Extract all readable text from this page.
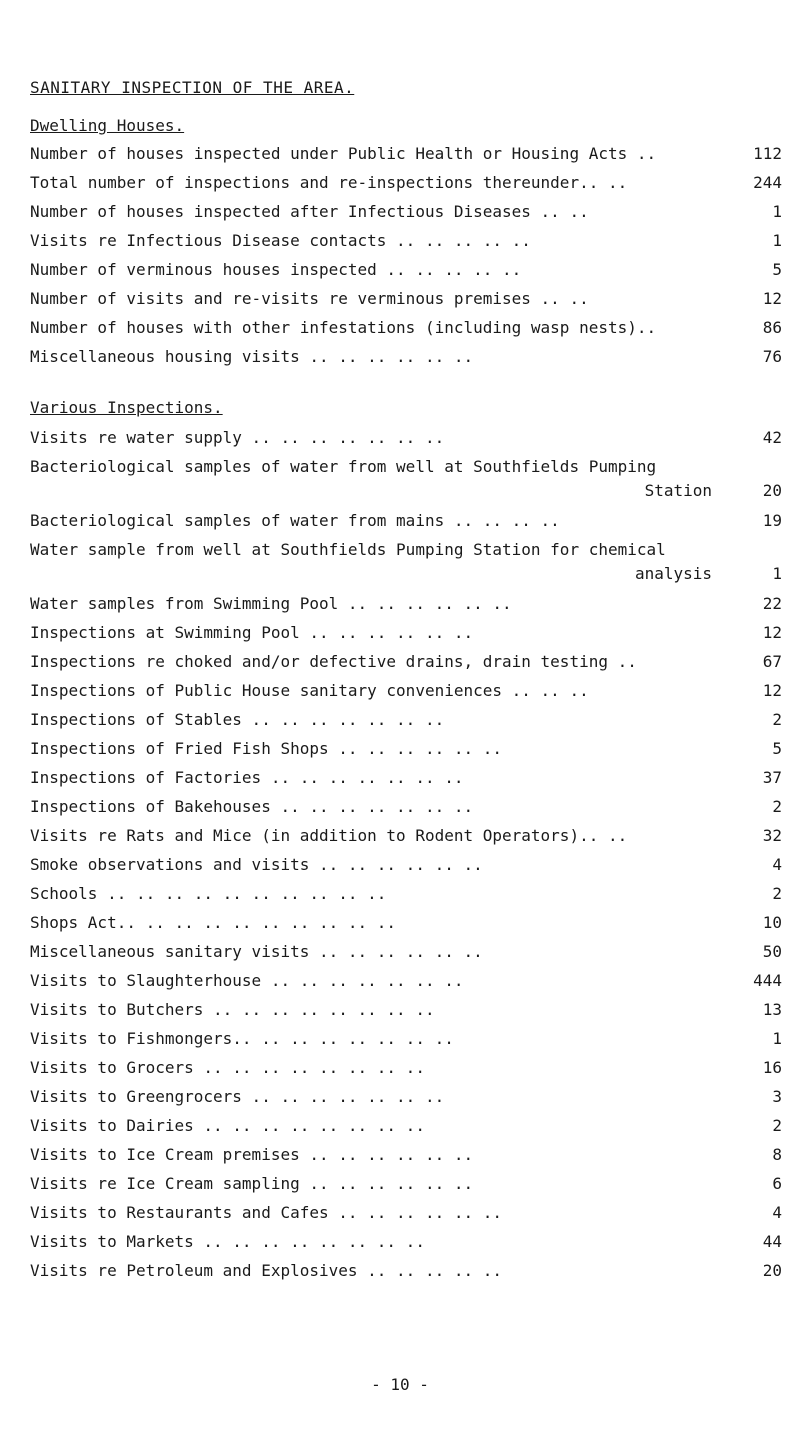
SANITARY INSPECTION OF THE AREA.
Dwelling Houses.
Number of houses inspected under Public Health or Housing Acts ..	112
Total number of inspections and re-inspections thereunder.. ..	244
Number of houses inspected after Infectious Diseases .. ..	1
Visits re Infectious Disease contacts .. .. .. .. ..	1
Number of verminous houses inspected .. .. .. .. ..	5
Number of visits and re-visits re verminous premises .. ..	12
Number of houses with other infestations (including wasp nests)..	86
Miscellaneous housing visits .. .. .. .. .. ..	76
Various Inspections.
Visits re water supply .. .. .. .. .. .. ..	42
Bacteriological samples of water from well at Southfields Pumping
Station	20
Bacteriological samples of water from mains .. .. .. ..	19
Water sample from well at Southfields Pumping Station for chemical
analysis	1
Water samples from Swimming Pool .. .. .. .. .. ..	22
Inspections at Swimming Pool .. .. .. .. .. ..	12
Inspections re choked and/or defective drains, drain testing ..	67
Inspections of Public House sanitary conveniences .. .. ..	12
Inspections of Stables .. .. .. .. .. .. ..	2
Inspections of Fried Fish Shops .. .. .. .. .. ..	5
Inspections of Factories .. .. .. .. .. .. ..	37
Inspections of Bakehouses .. .. .. .. .. .. ..	2
Visits re Rats and Mice (in addition to Rodent Operators).. ..	32
Smoke observations and visits .. .. .. .. .. ..	4
Schools .. .. .. .. .. .. .. .. .. ..	2
Shops Act.. .. .. .. .. .. .. .. .. ..	10
Miscellaneous sanitary visits .. .. .. .. .. ..	50
Visits to Slaughterhouse .. .. .. .. .. .. ..	444
Visits to Butchers .. .. .. .. .. .. .. ..	13
Visits to Fishmongers.. .. .. .. .. .. .. ..	1
Visits to Grocers .. .. .. .. .. .. .. ..	16
Visits to Greengrocers .. .. .. .. .. .. ..	3
Visits to Dairies .. .. .. .. .. .. .. ..	2
Visits to Ice Cream premises .. .. .. .. .. ..	8
Visits re Ice Cream sampling .. .. .. .. .. ..	6
Visits to Restaurants and Cafes .. .. .. .. .. ..	4
Visits to Markets .. .. .. .. .. .. .. ..	44
Visits re Petroleum and Explosives .. .. .. .. ..	20
- 10 -
